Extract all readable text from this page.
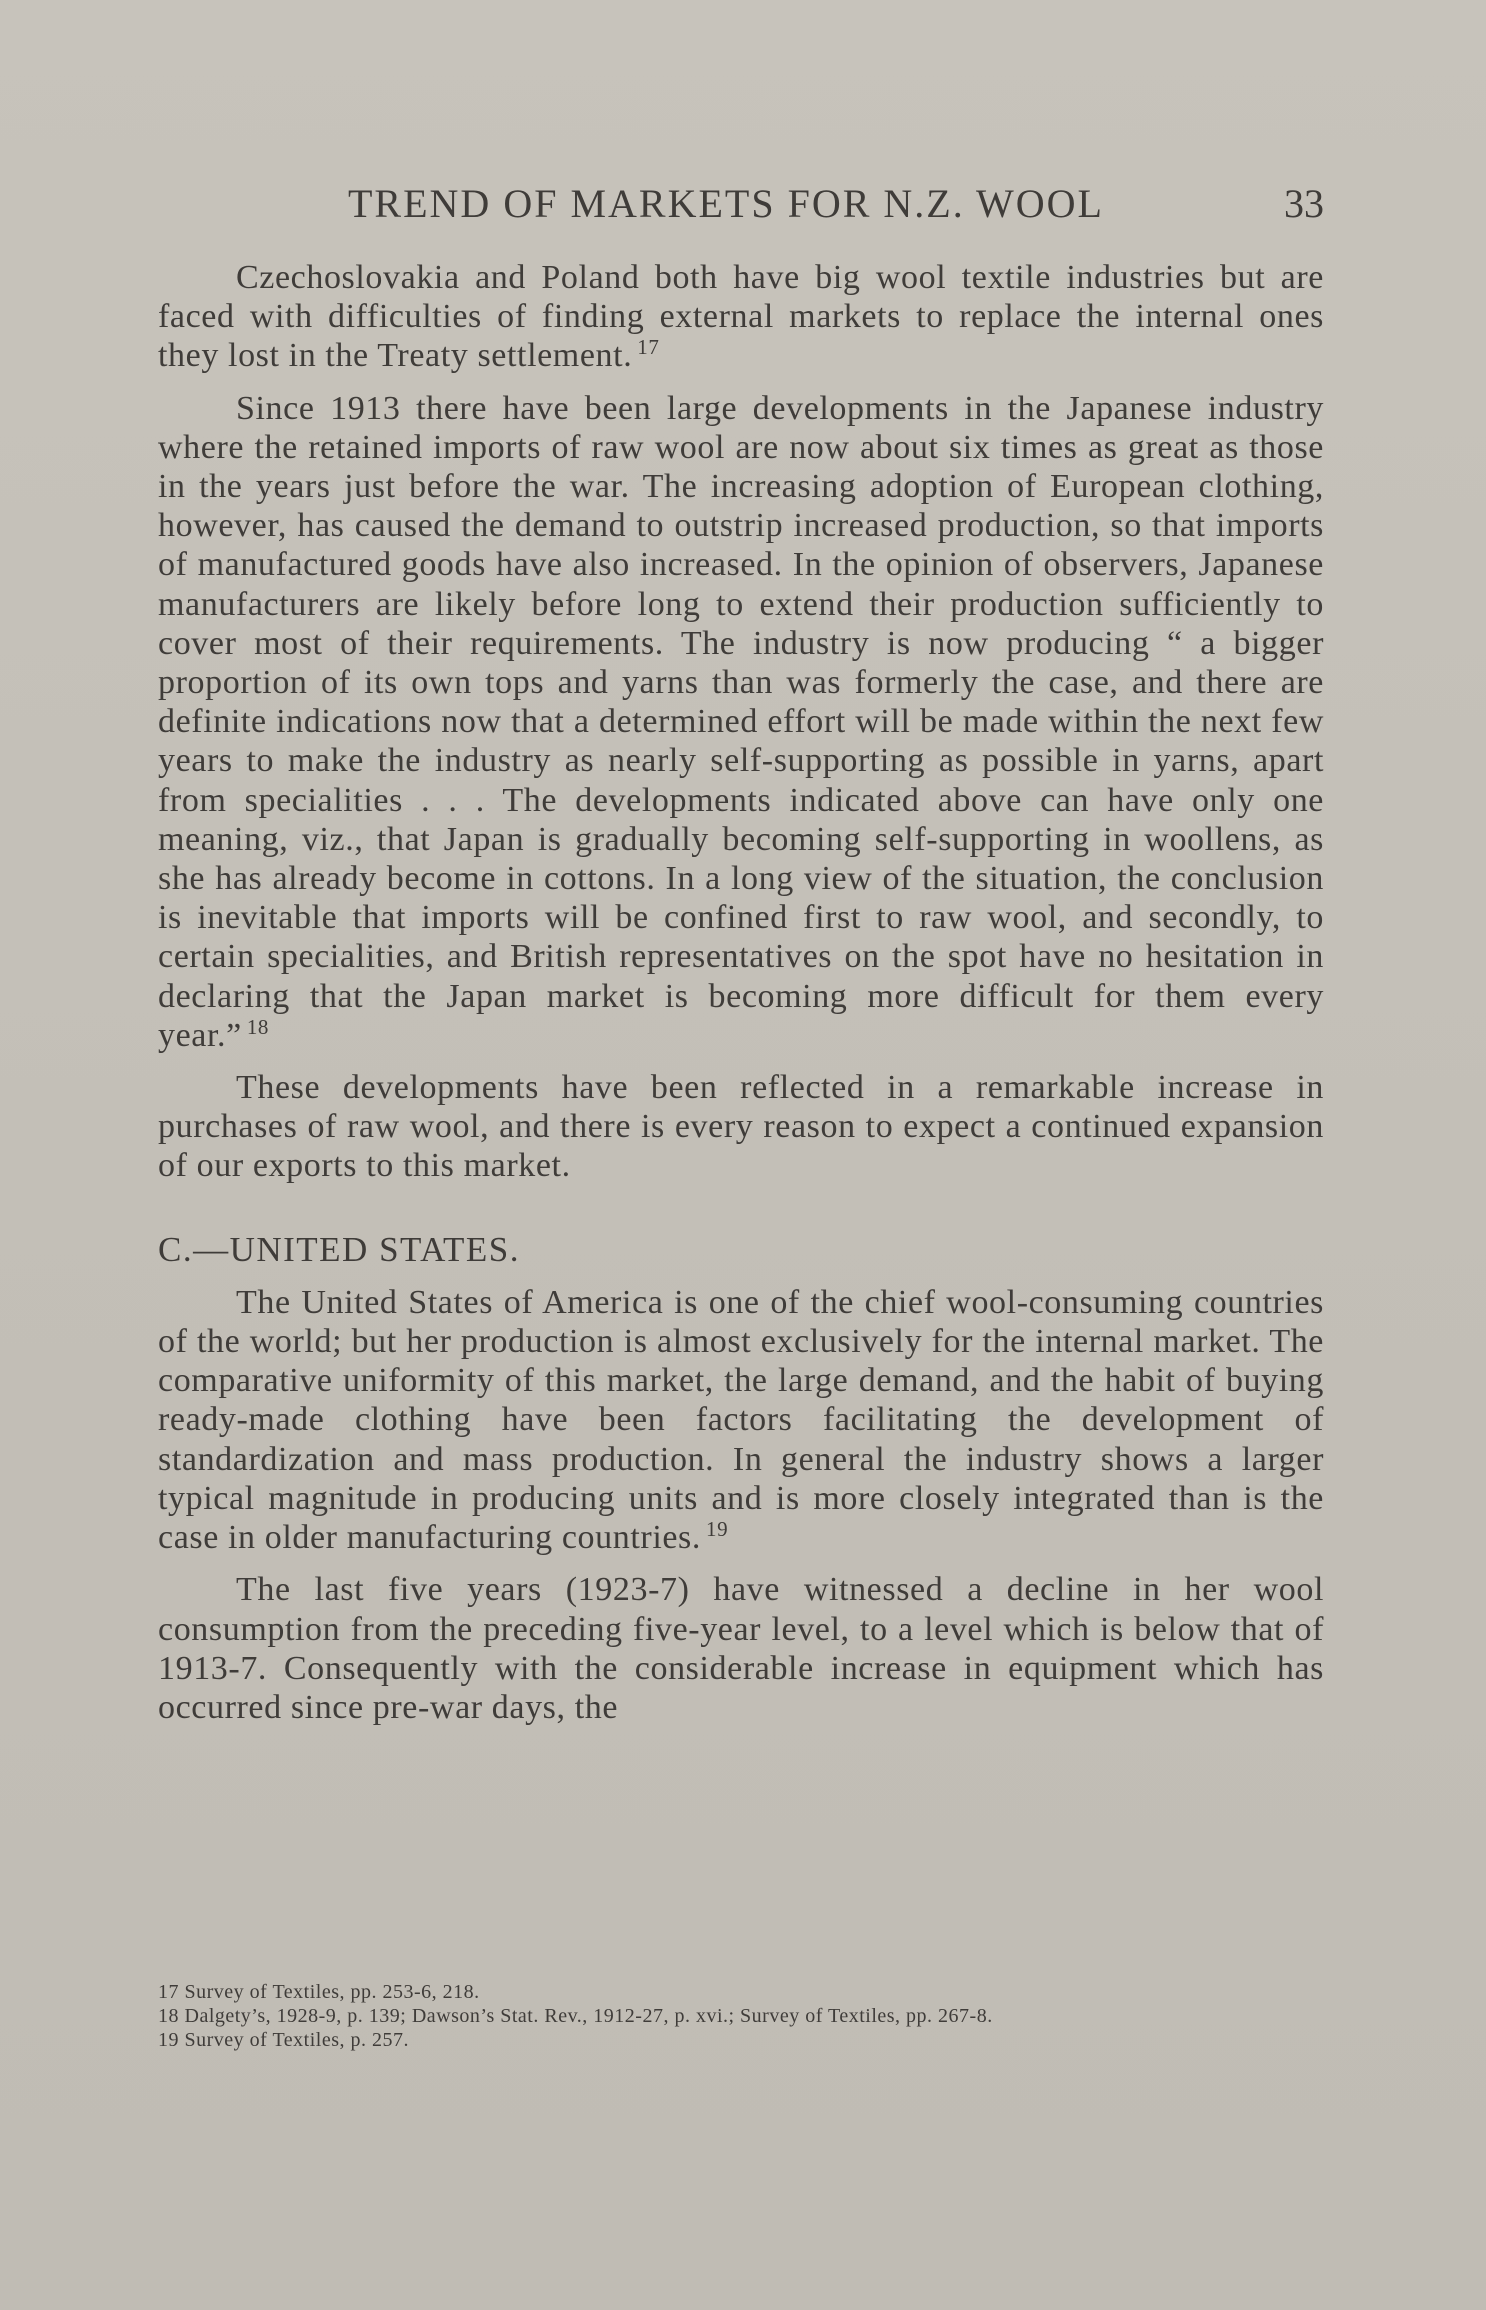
TREND OF MARKETS FOR N.Z. WOOL	33

Czechoslovakia and Poland both have big wool textile industries but are faced with difficulties of finding external markets to replace the internal ones they lost in the Treaty settlement. $^{17}$

Since 1913 there have been large developments in the Japanese industry where the retained imports of raw wool are now about six times as great as those in the years just before the war. The increasing adoption of European clothing, however, has caused the demand to outstrip increased production, so that imports of manufactured goods have also increased. In the opinion of observers, Japanese manufacturers are likely before long to extend their production sufficiently to cover most of their requirements. The industry is now producing “ a bigger proportion of its own tops and yarns than was formerly the case, and there are definite indications now that a determined effort will be made within the next few years to make the industry as nearly self-supporting as possible in yarns, apart from specialities . . . The developments indicated above can have only one meaning, viz., that Japan is gradually becoming self-supporting in woollens, as she has already become in cottons. In a long view of the situation, the conclusion is inevitable that imports will be confined first to raw wool, and secondly, to certain specialities, and British representatives on the spot have no hesitation in declaring that the Japan market is becoming more difficult for them every year.” $^{18}$

These developments have been reflected in a remarkable increase in purchases of raw wool, and there is every reason to expect a continued expansion of our exports to this market.

C.—UNITED STATES.

The United States of America is one of the chief wool-consuming countries of the world; but her production is almost exclusively for the internal market. The comparative uniformity of this market, the large demand, and the habit of buying ready-made clothing have been factors facilitating the development of standardization and mass production. In general the industry shows a larger typical magnitude in producing units and is more closely integrated than is the case in older manufacturing countries. $^{19}$

The last five years (1923-7) have witnessed a decline in her wool consumption from the preceding five-year level, to a level which is below that of 1913-7. Consequently with the considerable increase in equipment which has occurred since pre-war days, the

17 Survey of Textiles, pp. 253-6, 218.

18 Dalgety’s, 1928-9, p. 139; Dawson’s Stat. Rev., 1912-27, p. xvi.; Survey of Textiles, pp. 267-8.

19 Survey of Textiles, p. 257.
